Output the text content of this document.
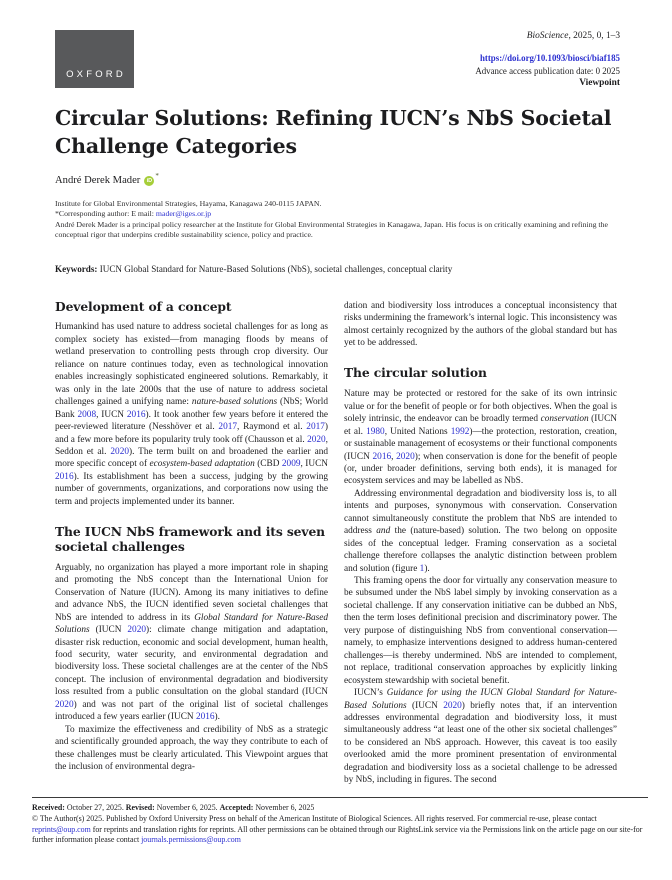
OXFORD
BioScience, 2025, 0, 1–3
https://doi.org/10.1093/biosci/biaf185
Advance access publication date: 0 2025
Viewpoint
Circular Solutions: Refining IUCN’s NbS Societal Challenge Categories
André Derek Mader iD*
Institute for Global Environmental Strategies, Hayama, Kanagawa 240-0115 JAPAN.
*Corresponding author: E mail: mader@iges.or.jp
André Derek Mader is a principal policy researcher at the Institute for Global Environmental Strategies in Kanagawa, Japan. His focus is on critically examining and refining the conceptual rigor that underpins credible sustainability science, policy and practice.
Keywords: IUCN Global Standard for Nature-Based Solutions (NbS), societal challenges, conceptual clarity
Development of a concept

Humankind has used nature to address societal challenges for as long as complex society has existed—from managing floods by means of wetland preservation to controlling pests through crop diversity. Our reliance on nature continues today, even as technological innovation enables increasingly sophisticated engineered solutions. Remarkably, it was only in the late 2000s that the use of nature to address societal challenges gained a unifying name: nature-based solutions (NbS; World Bank 2008, IUCN 2016). It took another few years before it entered the peer-reviewed literature (Nesshöver et al. 2017, Raymond et al. 2017) and a few more before its popularity truly took off (Chausson et al. 2020, Seddon et al. 2020). The term built on and broadened the earlier and more specific concept of ecosystem-based adaptation (CBD 2009, IUCN 2016). Its establishment has been a success, judging by the growing number of governments, organizations, and corporations now using the term and projects implemented under its banner.

The IUCN NbS framework and its seven societal challenges

Arguably, no organization has played a more important role in shaping and promoting the NbS concept than the International Union for Conservation of Nature (IUCN). Among its many initiatives to define and advance NbS, the IUCN identified seven societal challenges that NbS are intended to address in its Global Standard for Nature-Based Solutions (IUCN 2020): climate change mitigation and adaptation, disaster risk reduction, economic and social development, human health, food security, water security, and environmental degradation and biodiversity loss. These societal challenges are at the center of the NbS concept. The inclusion of environmental degradation and biodiversity loss resulted from a public consultation on the global standard (IUCN 2020) and was not part of the original list of societal challenges introduced a few years earlier (IUCN 2016).

To maximize the effectiveness and credibility of NbS as a strategic and scientifically grounded approach, the way they contribute to each of these challenges must be clearly articulated. This Viewpoint argues that the inclusion of environmental degra-

dation and biodiversity loss introduces a conceptual inconsistency that risks undermining the framework’s internal logic. This inconsistency was almost certainly recognized by the authors of the global standard but has yet to be addressed.

The circular solution

Nature may be protected or restored for the sake of its own intrinsic value or for the benefit of people or for both objectives. When the goal is solely intrinsic, the endeavor can be broadly termed conservation (IUCN et al. 1980, United Nations 1992)—the protection, restoration, creation, or sustainable management of ecosystems or their functional components (IUCN 2016, 2020); when conservation is done for the benefit of people (or, under broader definitions, serving both ends), it is managed for ecosystem services and may be labelled as NbS.

Addressing environmental degradation and biodiversity loss is, to all intents and purposes, synonymous with conservation. Conservation cannot simultaneously constitute the problem that NbS are intended to address and the (nature-based) solution. The two belong on opposite sides of the conceptual ledger. Framing conservation as a societal challenge therefore collapses the analytic distinction between problem and solution (figure 1).

This framing opens the door for virtually any conservation measure to be subsumed under the NbS label simply by invoking conservation as a societal challenge. If any conservation initiative can be dubbed an NbS, then the term loses definitional precision and discriminatory power. The very purpose of distinguishing NbS from conventional conservation—namely, to emphasize interventions designed to address human-centered challenges—is thereby undermined. NbS are intended to complement, not replace, traditional conservation approaches by explicitly linking ecosystem stewardship with societal benefit.

IUCN’s Guidance for using the IUCN Global Standard for Nature-Based Solutions (IUCN 2020) briefly notes that, if an intervention addresses environmental degradation and biodiversity loss, it must simultaneously address “at least one of the other six societal challenges” to be considered an NbS approach. However, this caveat is too easily overlooked amid the more prominent presentation of environmental degradation and biodiversity loss as a societal challenge to be adressed by NbS, including in figures. The second

Received: October 27, 2025. Revised: November 6, 2025. Accepted: November 6, 2025
© The Author(s) 2025. Published by Oxford University Press on behalf of the American Institute of Biological Sciences. All rights reserved. For commercial re-use, please contact reprints@oup.com for reprints and translation rights for reprints. All other permissions can be obtained through our RightsLink service via the Permissions link on the article page on our site-for further information please contact journals.permissions@oup.com
